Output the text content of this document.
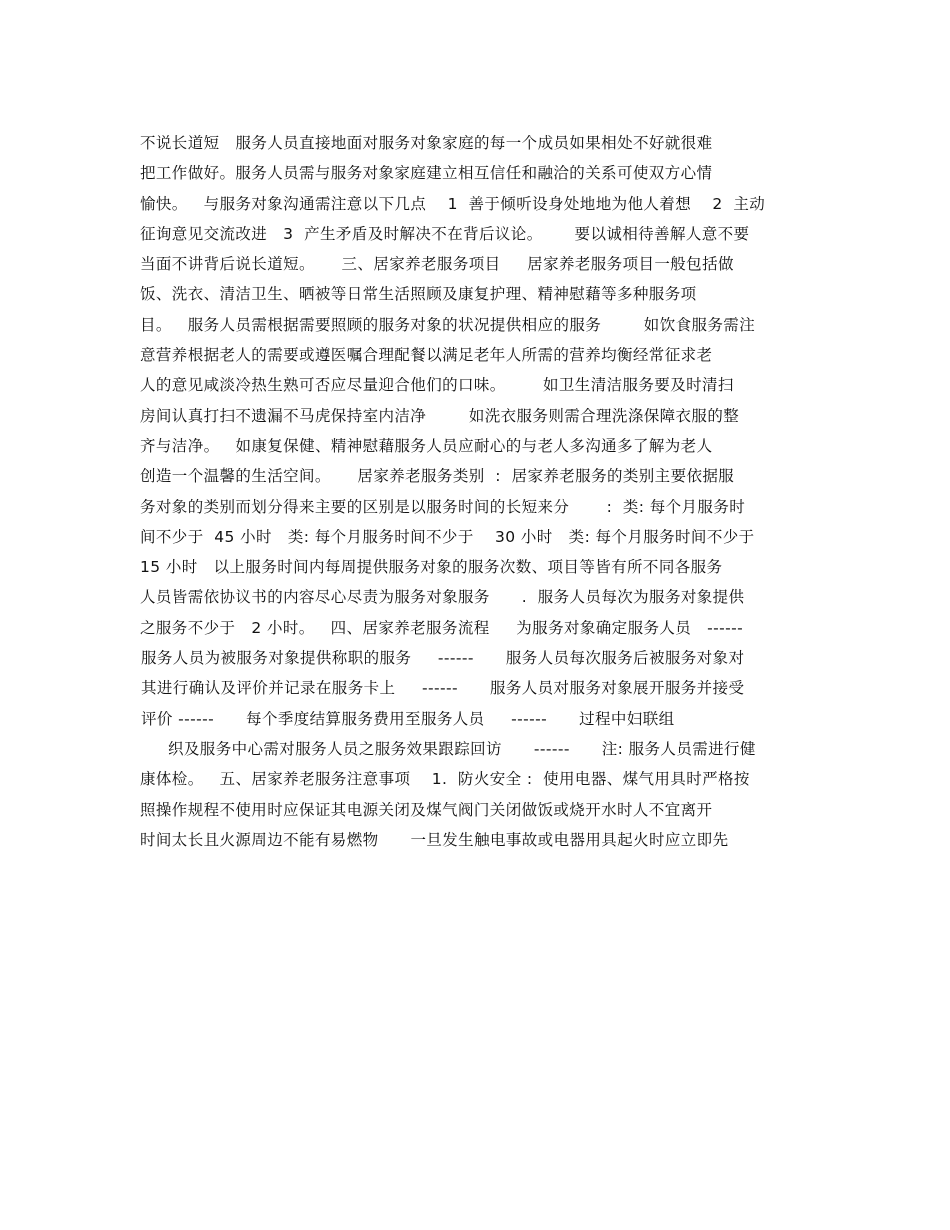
不说长道短   服务人员直接地面对服务对象家庭的每一个成员如果相处不好就很难
把工作做好。服务人员需与服务对象家庭建立相互信任和融洽的关系可使双方心情
愉快。   与服务对象沟通需注意以下几点    1  善于倾听设身处地地为他人着想    2  主动
征询意见交流改进   3  产生矛盾及时解决不在背后议论。      要以诚相待善解人意不要
当面不讲背后说长道短。     三、居家养老服务项目     居家养老服务项目一般包括做
饭、洗衣、清洁卫生、晒被等日常生活照顾及康复护理、精神慰藉等多种服务项
目。   服务人员需根据需要照顾的服务对象的状况提供相应的服务        如饮食服务需注
意营养根据老人的需要或遵医嘱合理配餐以满足老年人所需的营养均衡经常征求老
人的意见咸淡冷热生熟可否应尽量迎合他们的口味。       如卫生清洁服务要及时清扫
房间认真打扫不遗漏不马虎保持室内洁净        如洗衣服务则需合理洗涤保障衣服的整
齐与洁净。   如康复保健、精神慰藉服务人员应耐心的与老人多沟通多了解为老人
创造一个温馨的生活空间。     居家养老服务类别  :  居家养老服务的类别主要依据服
务对象的类别而划分得来主要的区别是以服务时间的长短来分       :  类: 每个月服务时
间不少于  45 小时   类: 每个月服务时间不少于    30 小时   类: 每个月服务时间不少于
15 小时   以上服务时间内每周提供服务对象的服务次数、项目等皆有所不同各服务
人员皆需依协议书的内容尽心尽责为服务对象服务      .  服务人员每次为服务对象提供
之服务不少于   2 小时。   四、居家养老服务流程     为服务对象确定服务人员   ------
服务人员为被服务对象提供称职的服务     ------      服务人员每次服务后被服务对象对
其进行确认及评价并记录在服务卡上     ------      服务人员对服务对象展开服务并接受
评价 ------      每个季度结算服务费用至服务人员     ------      过程中妇联组
织及服务中心需对服务人员之服务效果跟踪回访      ------      注: 服务人员需进行健
康体检。   五、居家养老服务注意事项    1.  防火安全 :  使用电器、煤气用具时严格按
照操作规程不使用时应保证其电源关闭及煤气阀门关闭做饭或烧开水时人不宜离开
时间太长且火源周边不能有易燃物      一旦发生触电事故或电器用具起火时应立即先
